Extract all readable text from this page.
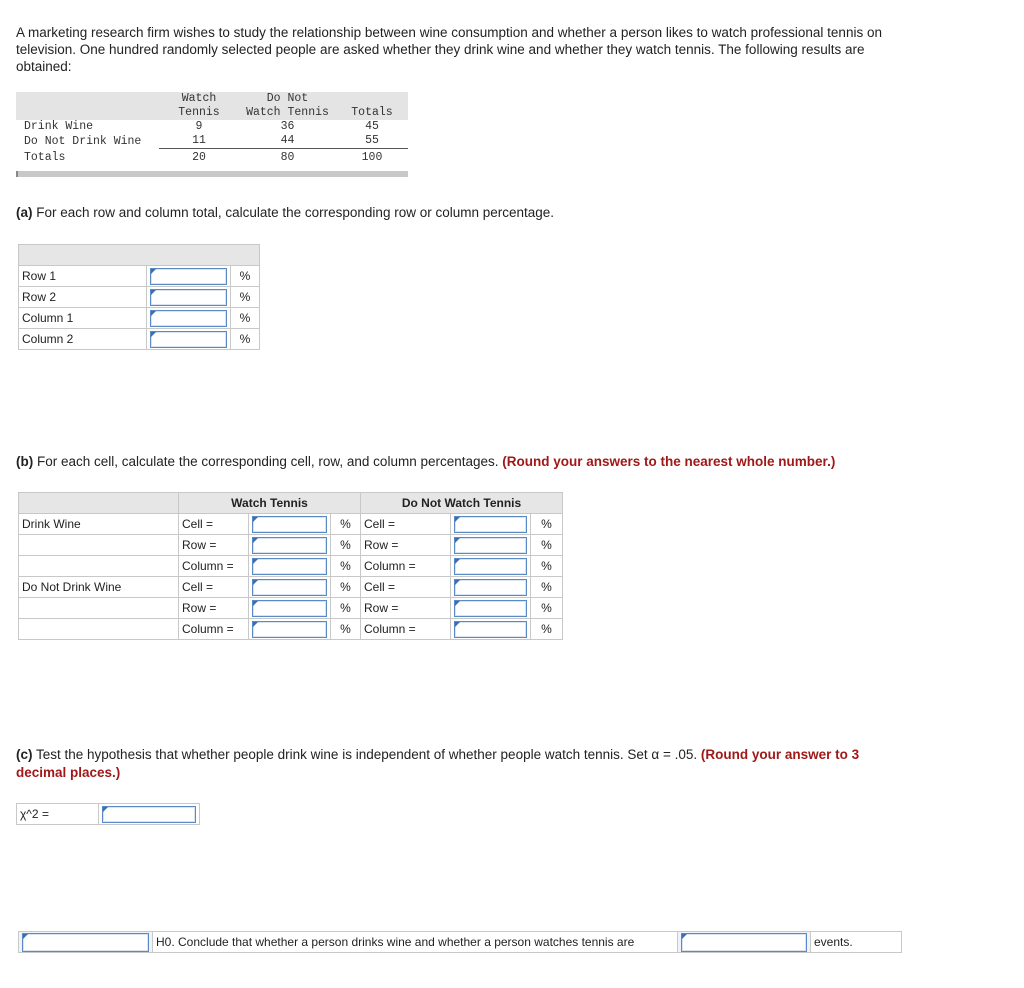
A marketing research firm wishes to study the relationship between wine consumption and whether a person likes to watch professional tennis on television. One hundred randomly selected people are asked whether they drink wine and whether they watch tennis. The following results are obtained:
	Watch	Do Not	
	Tennis	Watch Tennis	Totals
Drink Wine	9	36	45
Do Not Drink Wine	11	44	55
Totals	20	80	100
(a) For each row and column total, calculate the corresponding row or column percentage.

Row 1		%
Row 2		%
Column 1		%
Column 2		%
(b) For each cell, calculate the corresponding cell, row, and column percentages. (Round your answers to the nearest whole number.)
	Watch Tennis			Do Not Watch Tennis		
Drink Wine	Cell =		%	Cell =		%
	Row =		%	Row =		%
	Column =		%	Column =		%
Do Not Drink Wine	Cell =		%	Cell =		%
	Row =		%	Row =		%
	Column =		%	Column =		%
(c) Test the hypothesis that whether people drink wine is independent of whether people watch tennis. Set α = .05. (Round your answer to 3 decimal places.)
χ^2 =	
	H0. Conclude that whether a person drinks wine and whether a person watches tennis are		events.
